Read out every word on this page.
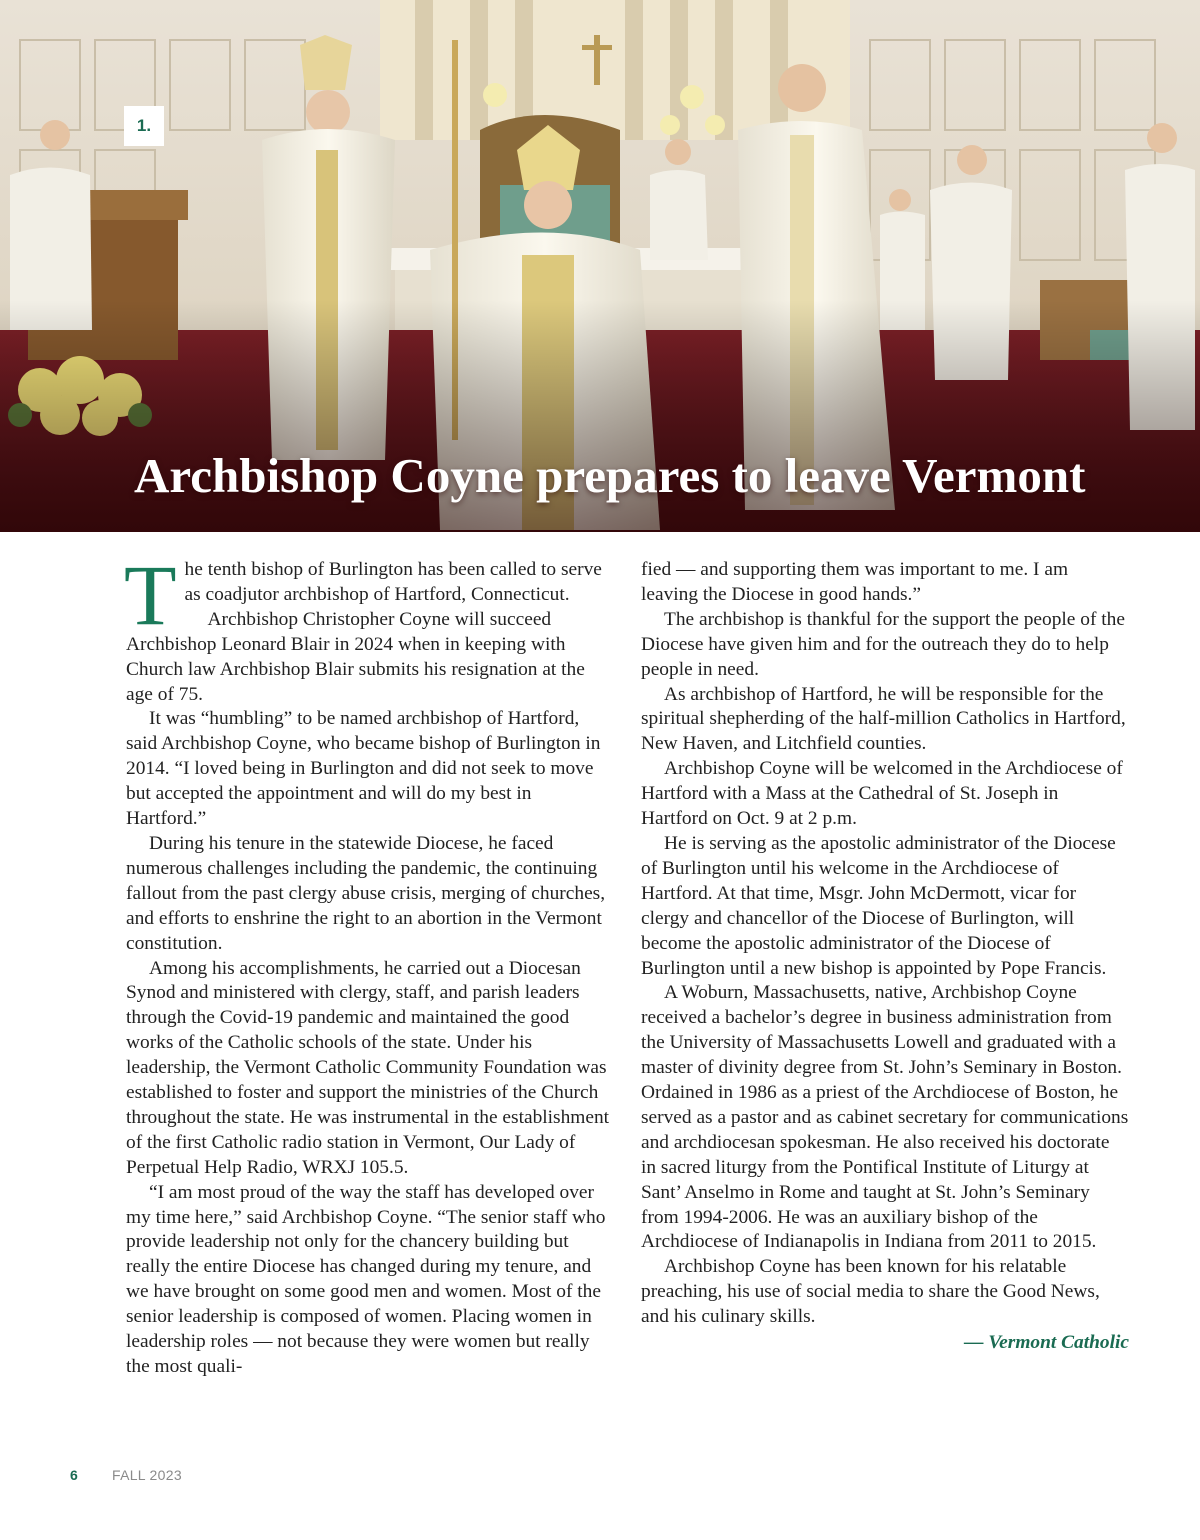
1.
Archbishop Coyne prepares to leave Vermont

The tenth bishop of Burlington has been called to serve as coadjutor archbishop of Hartford, Connecticut.

Archbishop Christopher Coyne will succeed Archbishop Leonard Blair in 2024 when in keeping with Church law Archbishop Blair submits his resignation at the age of 75.

It was “humbling” to be named archbishop of Hartford, said Archbishop Coyne, who became bishop of Burlington in 2014. “I loved being in Burlington and did not seek to move but accepted the appointment and will do my best in Hartford.”

During his tenure in the statewide Diocese, he faced numerous challenges including the pandemic, the continuing fallout from the past clergy abuse crisis, merging of churches, and efforts to enshrine the right to an abortion in the Vermont constitution.

Among his accomplishments, he carried out a Diocesan Synod and ministered with clergy, staff, and parish leaders through the Covid-19 pandemic and maintained the good works of the Catholic schools of the state. Under his leadership, the Vermont Catholic Community Foundation was established to foster and support the ministries of the Church throughout the state. He was instrumental in the establishment of the first Catholic radio station in Vermont, Our Lady of Perpetual Help Radio, WRXJ 105.5.

“I am most proud of the way the staff has developed over my time here,” said Archbishop Coyne. “The senior staff who provide leadership not only for the chancery building but really the entire Diocese has changed during my tenure, and we have brought on some good men and women. Most of the senior leadership is composed of women. Placing women in leadership roles — not because they were women but really the most quali-

fied — and supporting them was important to me. I am leaving the Diocese in good hands.”

The archbishop is thankful for the support the people of the Diocese have given him and for the outreach they do to help people in need.

As archbishop of Hartford, he will be responsible for the spiritual shepherding of the half-million Catholics in Hartford, New Haven, and Litchfield counties.

Archbishop Coyne will be welcomed in the Archdiocese of Hartford with a Mass at the Cathedral of St. Joseph in Hartford on Oct. 9 at 2 p.m.

He is serving as the apostolic administrator of the Diocese of Burlington until his welcome in the Archdiocese of Hartford. At that time, Msgr. John McDermott, vicar for clergy and chancellor of the Diocese of Burlington, will become the apostolic administrator of the Diocese of Burlington until a new bishop is appointed by Pope Francis.

A Woburn, Massachusetts, native, Archbishop Coyne received a bachelor’s degree in business administration from the University of Massachusetts Lowell and graduated with a master of divinity degree from St. John’s Seminary in Boston. Ordained in 1986 as a priest of the Archdiocese of Boston, he served as a pastor and as cabinet secretary for communications and archdiocesan spokesman. He also received his doctorate in sacred liturgy from the Pontifical Institute of Liturgy at Sant’ Anselmo in Rome and taught at St. John’s Seminary from 1994-2006. He was an auxiliary bishop of the Archdiocese of Indianapolis in Indiana from 2011 to 2015.

Archbishop Coyne has been known for his relatable preaching, his use of social media to share the Good News, and his culinary skills.

— Vermont Catholic
6 FALL 2023
